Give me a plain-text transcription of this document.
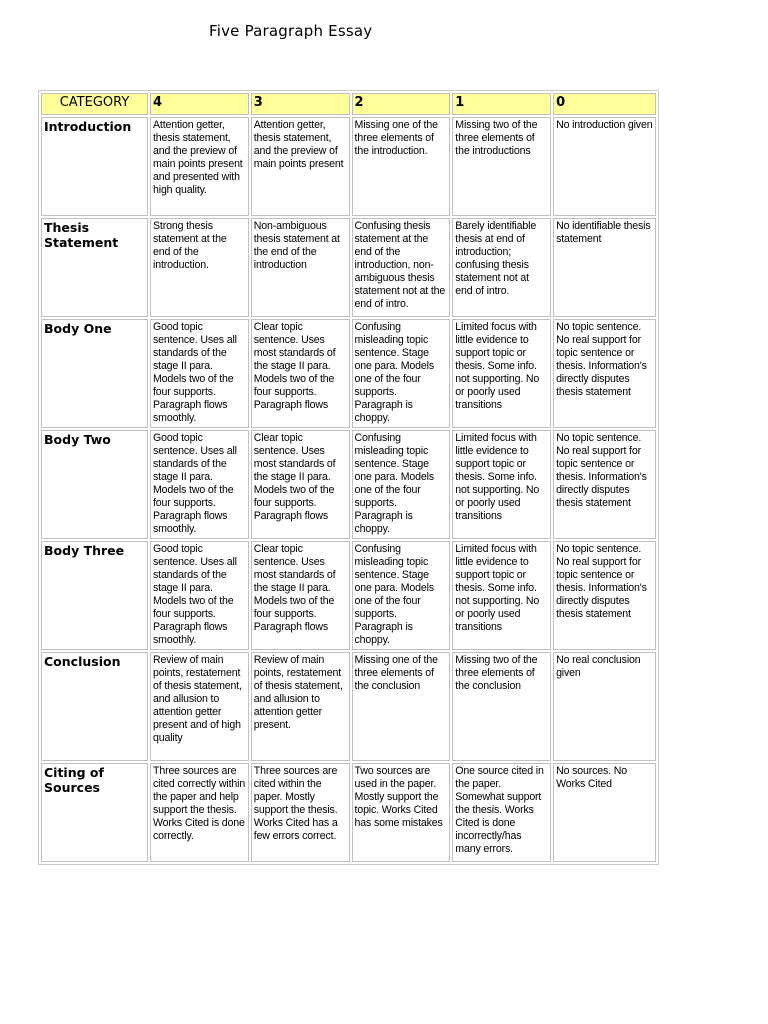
Five Paragraph Essay
CATEGORY	4	3	2	1	0
Introduction	Attention getter, thesis statement, and the preview of main points present and presented with high quality.	Attention getter, thesis statement, and the preview of main points present	Missing one of the three elements of the introduction.	Missing two of the three elements of the introductions	No introduction given
Thesis Statement	Strong thesis statement at the end of the introduction.	Non-ambiguous thesis statement at the end of the introduction	Confusing thesis statement at the end of the introduction, non-ambiguous thesis statement not at the end of intro.	Barely identifiable thesis at end of introduction; confusing thesis statement not at end of intro.	No identifiable thesis statement
Body One	Good topic sentence. Uses all standards of the stage II para. Models two of the four supports. Paragraph flows smoothly.	Clear topic sentence. Uses most standards of the stage II para. Models two of the four supports. Paragraph flows	Confusing misleading topic sentence. Stage one para. Models one of the four supports. Paragraph is choppy.	Limited focus with little evidence to support topic or thesis. Some info. not supporting. No or poorly used transitions	No topic sentence. No real support for topic sentence or thesis. Information's directly disputes thesis statement
Body Two	Good topic sentence. Uses all standards of the stage II para. Models two of the four supports. Paragraph flows smoothly.	Clear topic sentence. Uses most standards of the stage II para. Models two of the four supports. Paragraph flows	Confusing misleading topic sentence. Stage one para. Models one of the four supports. Paragraph is choppy.	Limited focus with little evidence to support topic or thesis. Some info. not supporting. No or poorly used transitions	No topic sentence. No real support for topic sentence or thesis. Information's directly disputes thesis statement
Body Three	Good topic sentence. Uses all standards of the stage II para. Models two of the four supports. Paragraph flows smoothly.	Clear topic sentence. Uses most standards of the stage II para. Models two of the four supports. Paragraph flows	Confusing misleading topic sentence. Stage one para. Models one of the four supports. Paragraph is choppy.	Limited focus with little evidence to support topic or thesis. Some info. not supporting. No or poorly used transitions	No topic sentence. No real support for topic sentence or thesis. Information's directly disputes thesis statement
Conclusion	Review of main points, restatement of thesis statement, and allusion to attention getter present and of high quality	Review of main points, restatement of thesis statement, and allusion to attention getter present.	Missing one of the three elements of the conclusion	Missing two of the three elements of the conclusion	No real conclusion given
Citing of Sources	Three sources are cited correctly within the paper and help support the thesis. Works Cited is done correctly.	Three sources are cited within the paper. Mostly support the thesis. Works Cited has a few errors correct.	Two sources are used in the paper. Mostly support the topic. Works Cited has some mistakes	One source cited in the paper. Somewhat support the thesis. Works Cited is done incorrectly/has many errors.	No sources. No Works Cited
